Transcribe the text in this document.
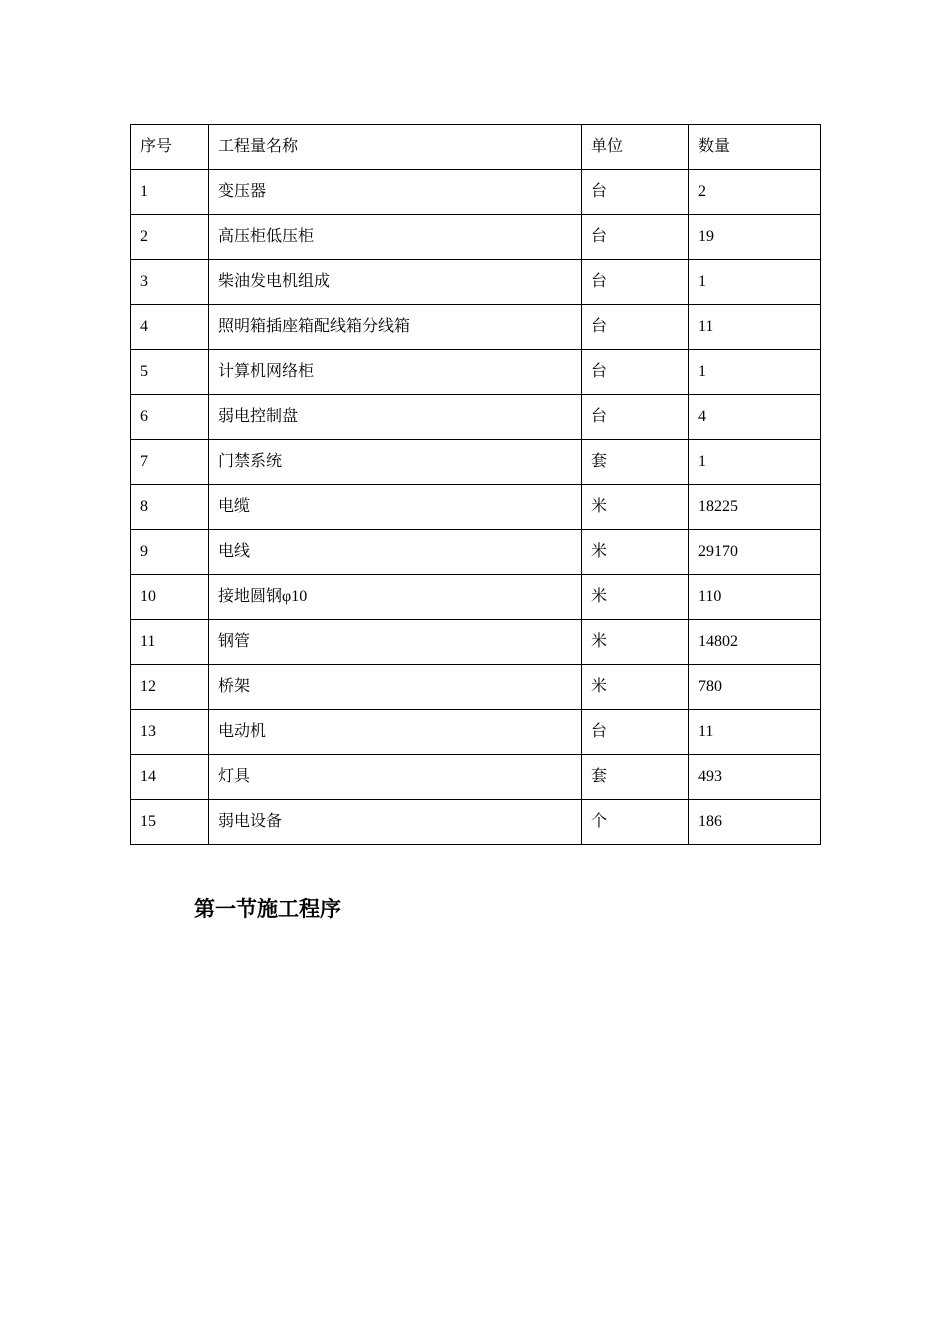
序号	工程量名称	单位	数量
1	变压器	台	2
2	高压柜低压柜	台	19
3	柴油发电机组成	台	1
4	照明箱插座箱配线箱分线箱	台	11
5	计算机网络柜	台	1
6	弱电控制盘	台	4
7	门禁系统	套	1
8	电缆	米	18225
9	电线	米	29170
10	接地圆钢φ10	米	110
11	钢管	米	14802
12	桥架	米	780
13	电动机	台	11
14	灯具	套	493
15	弱电设备	个	186
第一节施工程序
